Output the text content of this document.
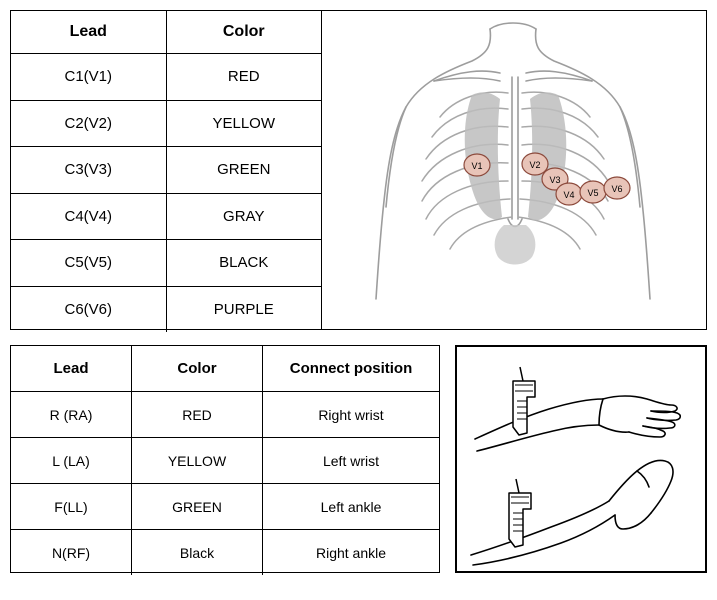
Lead	Color
C1(V1)	RED
C2(V2)	YELLOW
C3(V3)	GREEN
C4(V4)	GRAY
C5(V5)	BLACK
C6(V6)	PURPLE
V1	V2
V3
V4 V5 V6
Lead	Color	Connect position
R (RA)	RED	Right wrist
L (LA)	YELLOW	Left wrist
F(LL)	GREEN	Left ankle
N(RF)	Black	Right ankle
